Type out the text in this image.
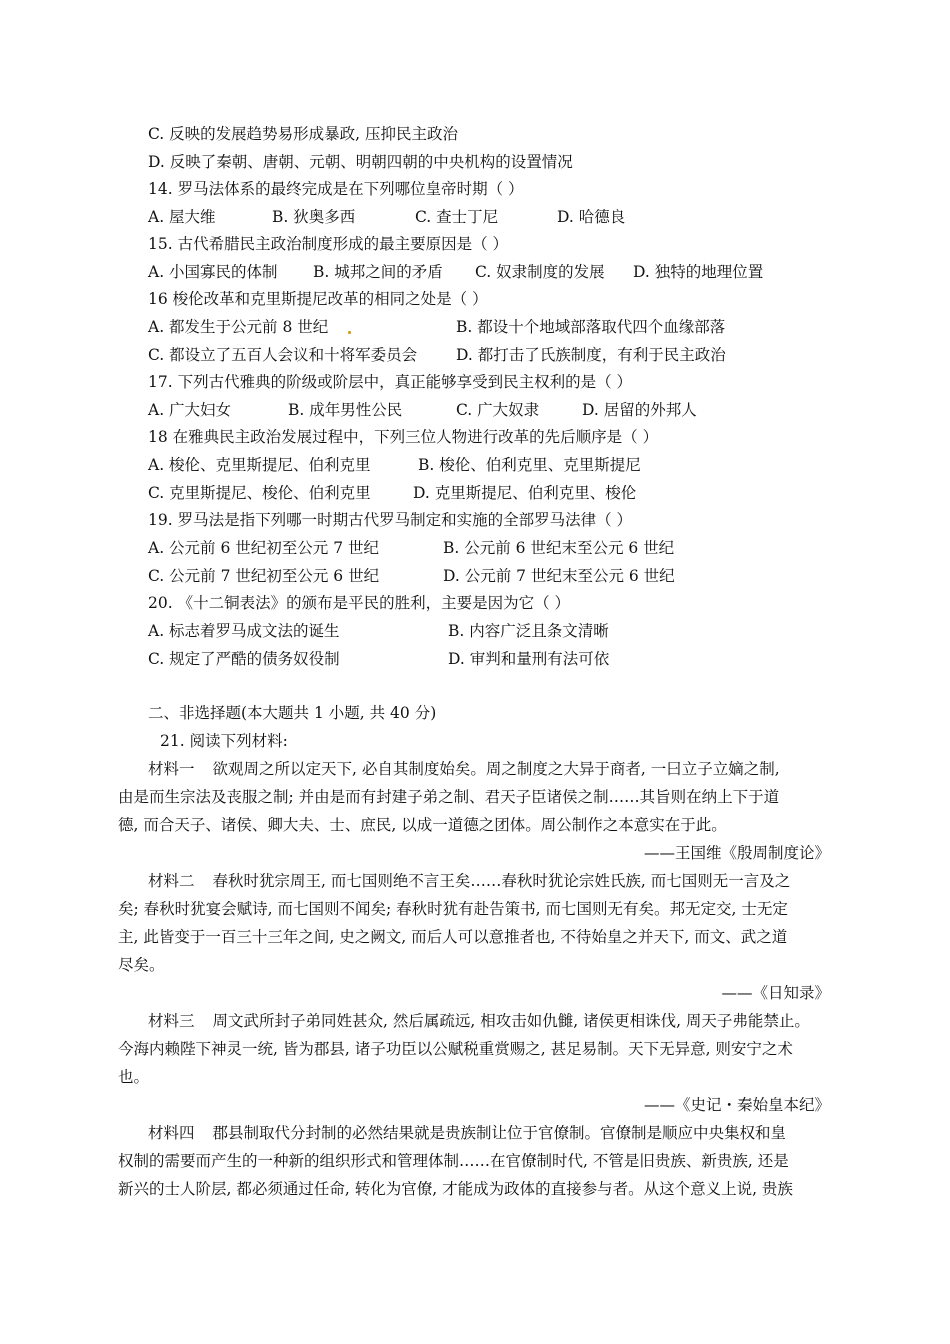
C. 反映的发展趋势易形成暴政, 压抑民主政治
D. 反映了秦朝、唐朝、元朝、明朝四朝的中央机构的设置情况
14. 罗马法体系的最终完成是在下列哪位皇帝时期（ ）
A. 屋大维	B. 狄奥多西	C. 查士丁尼	D. 哈德良
15. 古代希腊民主政治制度形成的最主要原因是（ ）
A. 小国寡民的体制 B. 城邦之间的矛盾 C. 奴隶制度的发展 D. 独特的地理位置
16 梭伦改革和克里斯提尼改革的相同之处是（ ）
A. 都发生于公元前 8 世纪	B. 都设十个地域部落取代四个血缘部落
C. 都设立了五百人会议和十将军委员会	D. 都打击了氏族制度，有利于民主政治
17. 下列古代雅典的阶级或阶层中，真正能够享受到民主权利的是（ ）
A. 广大妇女	B. 成年男性公民	C. 广大奴隶	D. 居留的外邦人
18 在雅典民主政治发展过程中，下列三位人物进行改革的先后顺序是（ ）
A. 梭伦、克里斯提尼、伯利克里	B. 梭伦、伯利克里、克里斯提尼
C. 克里斯提尼、梭伦、伯利克里	D. 克里斯提尼、伯利克里、梭伦
19. 罗马法是指下列哪一时期古代罗马制定和实施的全部罗马法律（ ）
A. 公元前 6 世纪初至公元 7 世纪	B. 公元前 6 世纪末至公元 6 世纪
C. 公元前 7 世纪初至公元 6 世纪	D. 公元前 7 世纪末至公元 6 世纪
20. 《十二铜表法》的颁布是平民的胜利，主要是因为它（ ）
A. 标志着罗马成文法的诞生	B. 内容广泛且条文清晰
C. 规定了严酷的债务奴役制	D. 审判和量刑有法可依
二、非选择题(本大题共 1 小题, 共 40 分)
21. 阅读下列材料:
材料一 欲观周之所以定天下, 必自其制度始矣。周之制度之大异于商者, 一曰立子立嫡之制,
由是而生宗法及丧服之制; 并由是而有封建子弟之制、君天子臣诸侯之制……其旨则在纳上下于道
德, 而合天子、诸侯、卿大夫、士、庶民, 以成一道德之团体。周公制作之本意实在于此。
——王国维《殷周制度论》
材料二 春秋时犹宗周王, 而七国则绝不言王矣……春秋时犹论宗姓氏族, 而七国则无一言及之
矣; 春秋时犹宴会赋诗, 而七国则不闻矣; 春秋时犹有赴告策书, 而七国则无有矣。邦无定交, 士无定
主, 此皆变于一百三十三年之间, 史之阙文, 而后人可以意推者也, 不待始皇之并天下, 而文、武之道
尽矣。
——《日知录》
材料三 周文武所封子弟同姓甚众, 然后属疏远, 相攻击如仇雠, 诸侯更相诛伐, 周天子弗能禁止。
今海内赖陛下神灵一统, 皆为郡县, 诸子功臣以公赋税重赏赐之, 甚足易制。天下无异意, 则安宁之术
也。
——《史记・秦始皇本纪》
材料四 郡县制取代分封制的必然结果就是贵族制让位于官僚制。官僚制是顺应中央集权和皇
权制的需要而产生的一种新的组织形式和管理体制……在官僚制时代, 不管是旧贵族、新贵族, 还是
新兴的士人阶层, 都必须通过任命, 转化为官僚, 才能成为政体的直接参与者。从这个意义上说, 贵族
